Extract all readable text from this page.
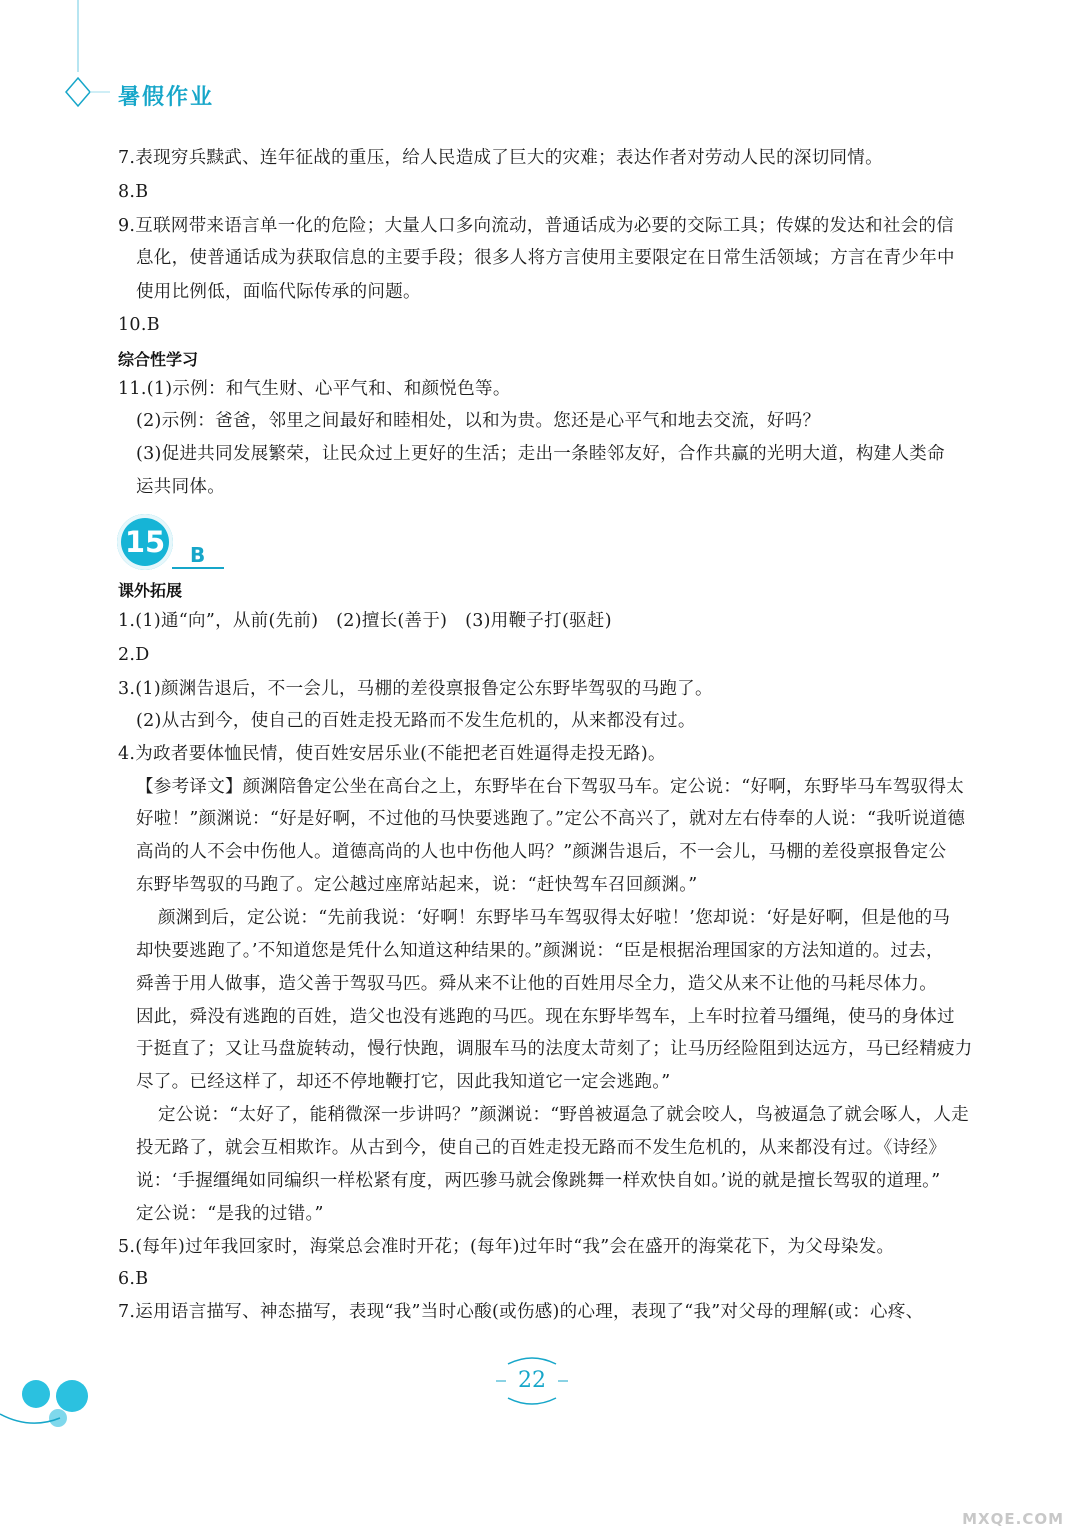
暑假作业
7.表现穷兵黩武、连年征战的重压，给人民造成了巨大的灾难；表达作者对劳动人民的深切同情。
8.B
9.互联网带来语言单一化的危险；大量人口多向流动，普通话成为必要的交际工具；传媒的发达和社会的信
息化，使普通话成为获取信息的主要手段；很多人将方言使用主要限定在日常生活领域；方言在青少年中
使用比例低，面临代际传承的问题。
10.B
综合性学习
11.(1)示例：和气生财、心平气和、和颜悦色等。
(2)示例：爸爸，邻里之间最好和睦相处，以和为贵。您还是心平气和地去交流，好吗？
(3)促进共同发展繁荣，让民众过上更好的生活；走出一条睦邻友好，合作共赢的光明大道，构建人类命
运共同体。
15	B
课外拓展
1.(1)通“向”，从前(先前)　(2)擅长(善于)　(3)用鞭子打(驱赶)
2.D
3.(1)颜渊告退后，不一会儿，马棚的差役禀报鲁定公东野毕驾驭的马跑了。
(2)从古到今，使自己的百姓走投无路而不发生危机的，从来都没有过。
4.为政者要体恤民情，使百姓安居乐业(不能把老百姓逼得走投无路)。
【参考译文】颜渊陪鲁定公坐在高台之上，东野毕在台下驾驭马车。定公说：“好啊，东野毕马车驾驭得太
好啦！”颜渊说：“好是好啊，不过他的马快要逃跑了。”定公不高兴了，就对左右侍奉的人说：“我听说道德
高尚的人不会中伤他人。道德高尚的人也中伤他人吗？”颜渊告退后，不一会儿，马棚的差役禀报鲁定公
东野毕驾驭的马跑了。定公越过座席站起来，说：“赶快驾车召回颜渊。”
颜渊到后，定公说：“先前我说：‘好啊！东野毕马车驾驭得太好啦！’您却说：‘好是好啊，但是他的马
却快要逃跑了。’不知道您是凭什么知道这种结果的。”颜渊说：“臣是根据治理国家的方法知道的。过去，
舜善于用人做事，造父善于驾驭马匹。舜从来不让他的百姓用尽全力，造父从来不让他的马耗尽体力。
因此，舜没有逃跑的百姓，造父也没有逃跑的马匹。现在东野毕驾车，上车时拉着马缰绳，使马的身体过
于挺直了；又让马盘旋转动，慢行快跑，调服车马的法度太苛刻了；让马历经险阻到达远方，马已经精疲力
尽了。已经这样了，却还不停地鞭打它，因此我知道它一定会逃跑。”
定公说：“太好了，能稍微深一步讲吗？”颜渊说：“野兽被逼急了就会咬人，鸟被逼急了就会啄人，人走
投无路了，就会互相欺诈。从古到今，使自己的百姓走投无路而不发生危机的，从来都没有过。《诗经》
说：‘手握缰绳如同编织一样松紧有度，两匹骖马就会像跳舞一样欢快自如。’说的就是擅长驾驭的道理。”
定公说：“是我的过错。”
5.(每年)过年我回家时，海棠总会准时开花；(每年)过年时“我”会在盛开的海棠花下，为父母染发。
6.B
7.运用语言描写、神态描写，表现“我”当时心酸(或伤感)的心理，表现了“我”对父母的理解(或：心疼、
22
MXQE.COM
